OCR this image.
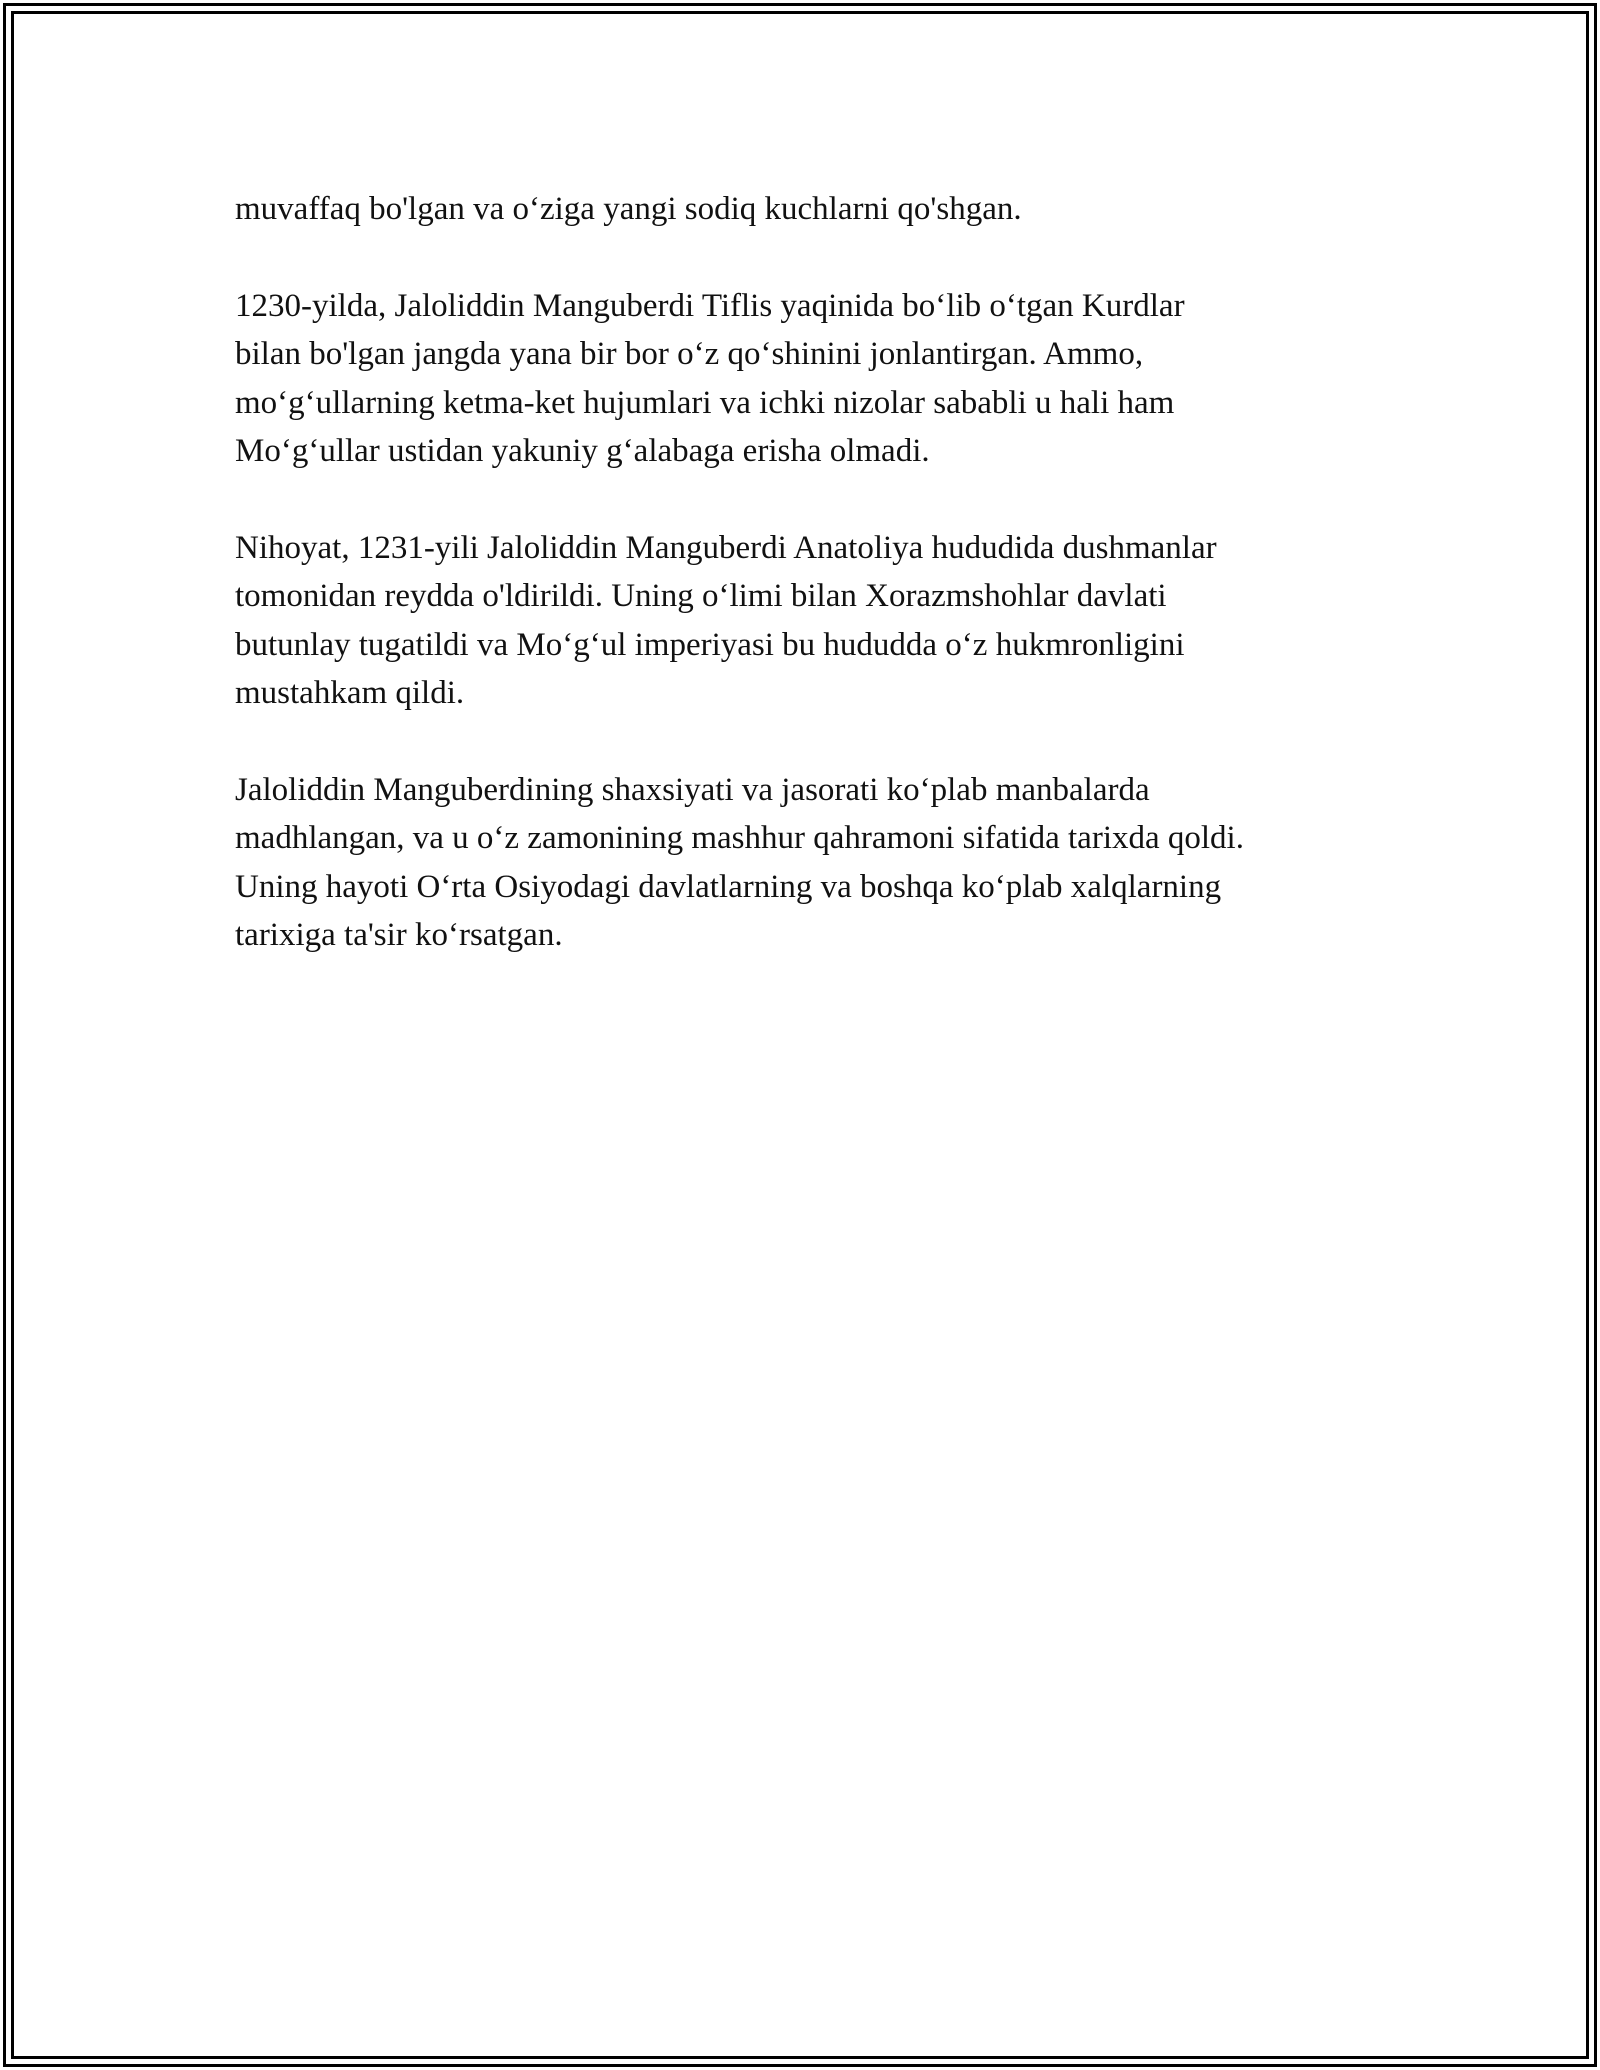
muvaffaq bo'lgan va o‘ziga yangi sodiq kuchlarni qo'shgan.

1230-yilda, Jaloliddin Manguberdi Tiflis yaqinida bo‘lib o‘tgan Kurdlar
bilan bo'lgan jangda yana bir bor o‘z qo‘shinini jonlantirgan. Ammo,
mo‘g‘ullarning ketma-ket hujumlari va ichki nizolar sababli u hali ham
Mo‘g‘ullar ustidan yakuniy g‘alabaga erisha olmadi.

Nihoyat, 1231-yili Jaloliddin Manguberdi Anatoliya hududida dushmanlar
tomonidan reydda o'ldirildi. Uning o‘limi bilan Xorazmshohlar davlati
butunlay tugatildi va Mo‘g‘ul imperiyasi bu hududda o‘z hukmronligini
mustahkam qildi.

Jaloliddin Manguberdining shaxsiyati va jasorati ko‘plab manbalarda
madhlangan, va u o‘z zamonining mashhur qahramoni sifatida tarixda qoldi.
Uning hayoti O‘rta Osiyodagi davlatlarning va boshqa ko‘plab xalqlarning
tarixiga ta'sir ko‘rsatgan.
